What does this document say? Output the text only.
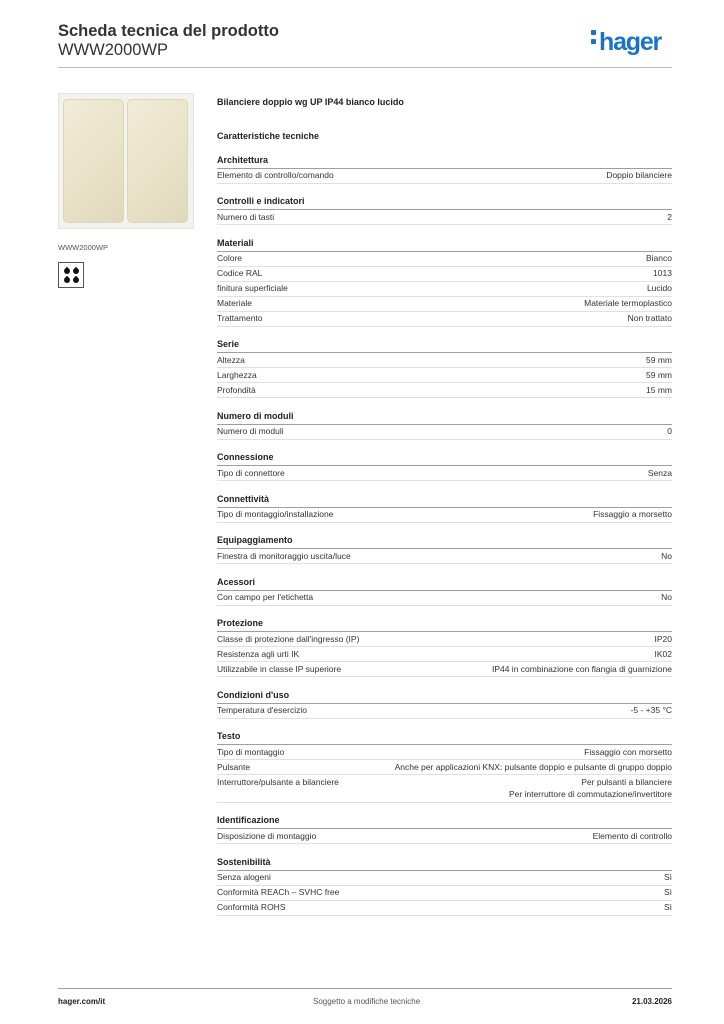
Scheda tecnica del prodotto
WWW2000WP	hager
WWW2000WP
Bilanciere doppio wg UP IP44 bianco lucido
Caratteristiche tecniche
Architettura
Elemento di controllo/comando	Doppio bilanciere
Controlli e indicatori
Numero di tasti	2
Materiali
Colore	Bianco
Codice RAL	1013
finitura superficiale	Lucido
Materiale	Materiale termoplastico
Trattamento	Non trattato
Serie
Altezza	59 mm
Larghezza	59 mm
Profondità	15 mm
Numero di moduli
Numero di moduli	0
Connessione
Tipo di connettore	Senza
Connettività
Tipo di montaggio/installazione	Fissaggio a morsetto
Equipaggiamento
Finestra di monitoraggio uscita/luce	No
Acessori
Con campo per l'etichetta	No
Protezione
Classe di protezione dall'ingresso (IP)	IP20
Resistenza agli urti IK	IK02
Utilizzabile in classe IP superiore	IP44 in combinazione con flangia di guarnizione
Condizioni d'uso
Temperatura d'esercizio	-5 - +35 °C
Testo
Tipo di montaggio	Fissaggio con morsetto
Pulsante	Anche per applicazioni KNX: pulsante doppio e pulsante di gruppo doppio
Interruttore/pulsante a bilanciere	Per pulsanti a bilanciere
Per interruttore di commutazione/invertitore
Identificazione
Disposizione di montaggio	Elemento di controllo
Sostenibilità
Senza alogeni	Sì
Conformità REACh – SVHC free	Sì
Conformità ROHS	Sì
hager.com/it	Soggetto a modifiche tecniche	21.03.2026
